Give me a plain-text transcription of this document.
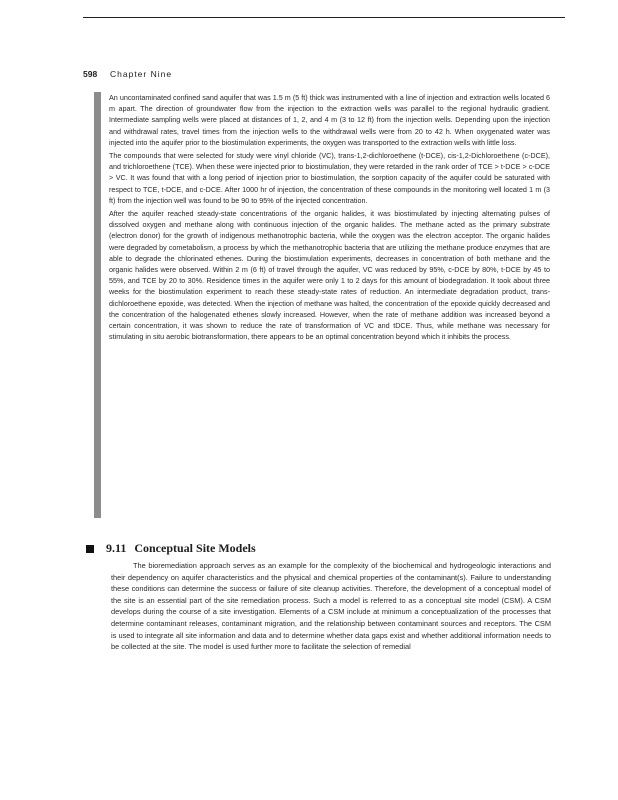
598 Chapter Nine

An uncontaminated confined sand aquifer that was 1.5 m (5 ft) thick was instrumented with a line of injection and extraction wells located 6 m apart. The direction of groundwater flow from the injection to the extraction wells was parallel to the regional hydraulic gradient. Intermediate sampling wells were placed at distances of 1, 2, and 4 m (3 to 12 ft) from the injection wells. Depending upon the injection and withdrawal rates, travel times from the injection wells to the withdrawal wells were from 20 to 42 h. When oxygenated water was injected into the aquifer prior to the biostimulation experiments, the oxygen was transported to the extraction wells with little loss.

The compounds that were selected for study were vinyl chloride (VC), trans-1,2-dichloroethene (t-DCE), cis-1,2-Dichloroethene (c-DCE), and trichloroethene (TCE). When these were injected prior to biostimulation, they were retarded in the rank order of TCE > t-DCE > c-DCE > VC. It was found that with a long period of injection prior to biostimulation, the sorption capacity of the aquifer could be saturated with respect to TCE, t-DCE, and c-DCE. After 1000 hr of injection, the concentration of these compounds in the monitoring well located 1 m (3 ft) from the injection well was found to be 90 to 95% of the injected concentration.

After the aquifer reached steady-state concentrations of the organic halides, it was biostimulated by injecting alternating pulses of dissolved oxygen and methane along with continuous injection of the organic halides. The methane acted as the primary substrate (electron donor) for the growth of indigenous methanotrophic bacteria, while the oxygen was the electron acceptor. The organic halides were degraded by cometabolism, a process by which the methanotrophic bacteria that are utilizing the methane produce enzymes that are able to degrade the chlorinated ethenes. During the biostimulation experiments, decreases in concentration of both methane and the organic halides were observed. Within 2 m (6 ft) of travel through the aquifer, VC was reduced by 95%, c-DCE by 80%, t-DCE by 45 to 55%, and TCE by 20 to 30%. Residence times in the aquifer were only 1 to 2 days for this amount of biodegradation. It took about three weeks for the biostimulation experiment to reach these steady-state rates of reduction. An intermediate degradation product, trans-dichloroethene epoxide, was detected. When the injection of methane was halted, the concentration of the epoxide quickly decreased and the concentration of the halogenated ethenes slowly increased. However, when the rate of methane addition was increased beyond a certain concentration, it was shown to reduce the rate of transformation of VC and tDCE. Thus, while methane was necessary for stimulating in situ aerobic biotransformation, there appears to be an optimal concentration beyond which it inhibits the process.

9.11 Conceptual Site Models

The bioremediation approach serves as an example for the complexity of the biochemical and hydrogeologic interactions and their dependency on aquifer characteristics and the physical and chemical properties of the contaminant(s). Failure to understanding these conditions can determine the success or failure of site cleanup activities. Therefore, the development of a conceptual model of the site is an essential part of the site remediation process. Such a model is referred to as a conceptual site model (CSM). A CSM develops during the course of a site investigation. Elements of a CSM include at minimum a conceptualization of the processes that determine contaminant releases, contaminant migration, and the relationship between contaminant sources and receptors. The CSM is used to integrate all site information and data and to determine whether data gaps exist and whether additional information needs to be collected at the site. The model is used further more to facilitate the selection of remedial
